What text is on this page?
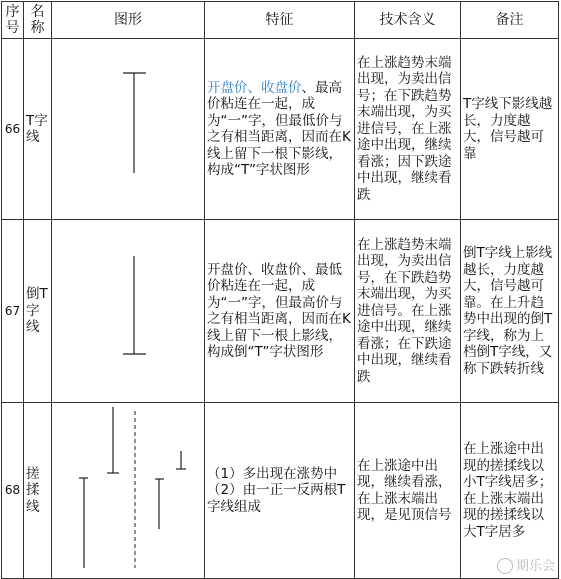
序号	名称	图形	特征	技术含义	备注
66	T字线		开盘价、收盘价、最高价粘连在一起，成为“一”字，但最低价与之有相当距离，因而在K线上留下一根下影线，构成“T”字状图形	在上涨趋势末端出现，为卖出信号；在下跌趋势末端出现，为买进信号，在上涨途中出现，继续看涨；因下跌途中出现，继续看跌	T字线下影线越长，力度越大，信号越可靠
67	倒T字线		开盘价、收盘价、最低价粘连在一起，成为“一”字，但最高价与之有相当距离，因而在K线上留下一根上影线，构成倒“T”字状图形	在上涨趋势末端出现，为卖出信号，在下跌趋势末端出现，为买进信号。在上涨途中出现，继续看涨；在下跌途中出现，继续看跌	倒T字线上影线越长，力度越大，信号越可靠。在上升趋势中出现的倒T字线，称为上档倒T字线，又称下跌转折线
68	搓揉线		（1）多出现在涨势中（2）由一正一反两根T字线组成	在上涨途中出现，继续看涨，在上涨末端出现，是见顶信号	在上涨途中出现的搓揉线以小T字线居多；在上涨末端出现的搓揉线以大T字居多
期乐会
